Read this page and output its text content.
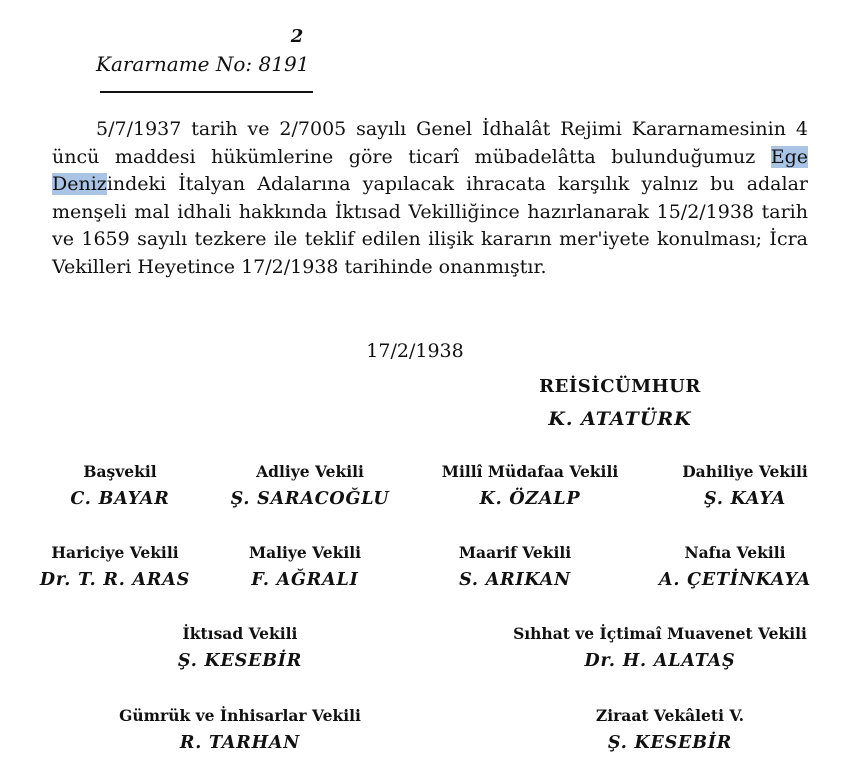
2
Kararname No: 8191

5/7/1937 tarih ve 2/7005 sayılı Genel İdhalât Rejimi Kararnamesinin 4 üncü maddesi hükümlerine göre ticarî mübadelâtta bulunduğumuz Ege Denizindeki İtalyan Adalarına yapılacak ihracata karşılık yalnız bu adalar menşeli mal idhali hakkında İktısad Vekilliğince hazırlanarak 15/2/1938 tarih ve 1659 sayılı tezkere ile teklif edilen ilişik kararın mer'iyete konulması; İcra Vekilleri Heyetince 17/2/1938 tarihinde onanmıştır.

17/2/1938
REİSİCÜMHUR
K. ATATÜRK
Başvekil
C. BAYAR
Adliye Vekili
Ş. SARACOĞLU
Millî Müdafaa Vekili
K. ÖZALP
Dahiliye Vekili
Ş. KAYA
Hariciye Vekili
Dr. T. R. ARAS
Maliye Vekili
F. AĞRALI
Maarif Vekili
S. ARIKAN
Nafıa Vekili
A. ÇETİNKAYA
İktısad Vekili
Ş. KESEBİR
Sıhhat ve İçtimaî Muavenet Vekili
Dr. H. ALATAŞ
Gümrük ve İnhisarlar Vekili
R. TARHAN
Ziraat Vekâleti V.
Ş. KESEBİR
